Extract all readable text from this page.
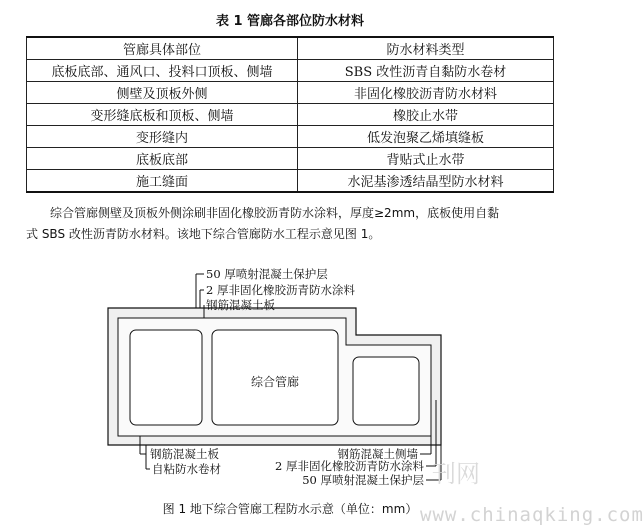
表 1 管廊各部位防水材料
管廊具体部位	防水材料类型
底板底部、通风口、投料口顶板、侧墙	SBS 改性沥青自黏防水卷材
侧壁及顶板外侧	非固化橡胶沥青防水材料
变形缝底板和顶板、侧墙	橡胶止水带
变形缝内	低发泡聚乙烯填缝板
底板底部	背贴式止水带
施工缝面	水泥基渗透结晶型防水材料

综合管廊侧壁及顶板外侧涂刷非固化橡胶沥青防水涂料，厚度≥2mm，底板使用自黏
式 SBS 改性沥青防水材料。该地下综合管廊防水工程示意见图 1。

综合管廊
50 厚喷射混凝土保护层
2 厚非固化橡胶沥青防水涂料
钢筋混凝土板
钢筋混凝土板
自粘防水卷材
钢筋混凝土侧墙
2 厚非固化橡胶沥青防水涂料
50 厚喷射混凝土保护层 刊网
图 1 地下综合管廊工程防水示意（单位：mm） www.chinaqking.com
